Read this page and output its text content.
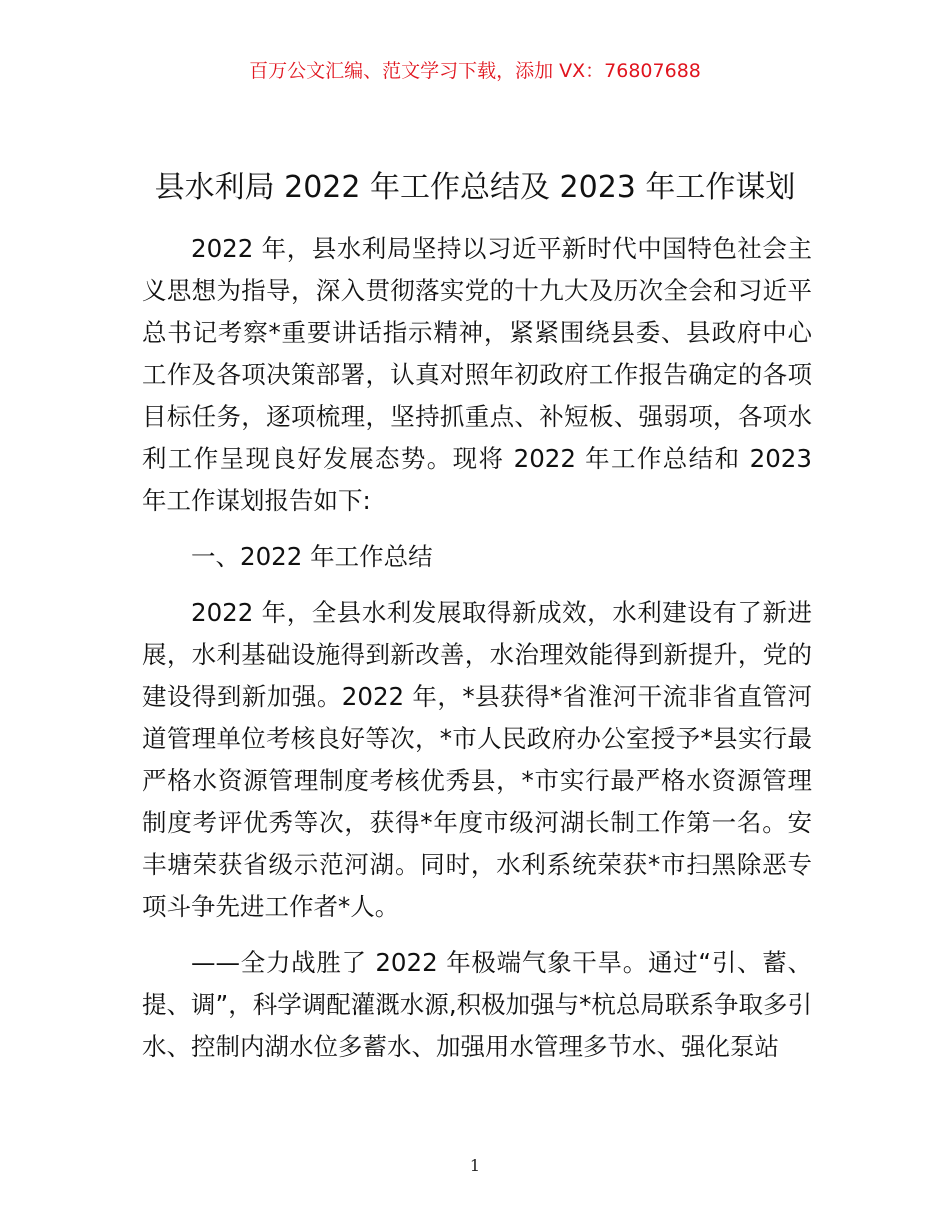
百万公文汇编、范文学习下载，添加 VX：76807688
县水利局 2022 年工作总结及 2023 年工作谋划

2022 年，县水利局坚持以习近平新时代中国特色社会主义思想为指导，深入贯彻落实党的十九大及历次全会和习近平总书记考察*重要讲话指示精神，紧紧围绕县委、县政府中心工作及各项决策部署，认真对照年初政府工作报告确定的各项目标任务，逐项梳理，坚持抓重点、补短板、强弱项，各项水利工作呈现良好发展态势。现将 2022 年工作总结和 2023 年工作谋划报告如下:

一、2022 年工作总结

2022 年，全县水利发展取得新成效，水利建设有了新进展，水利基础设施得到新改善，水治理效能得到新提升，党的建设得到新加强。2022 年，*县获得*省淮河干流非省直管河道管理单位考核良好等次，*市人民政府办公室授予*县实行最严格水资源管理制度考核优秀县，*市实行最严格水资源管理制度考评优秀等次，获得*年度市级河湖长制工作第一名。安丰塘荣获省级示范河湖。同时，水利系统荣获*市扫黑除恶专项斗争先进工作者*人。

——全力战胜了 2022 年极端气象干旱。通过“引、蓄、提、调”，科学调配灌溉水源,积极加强与*杭总局联系争取多引水、控制内湖水位多蓄水、加强用水管理多节水、强化泵站

1
